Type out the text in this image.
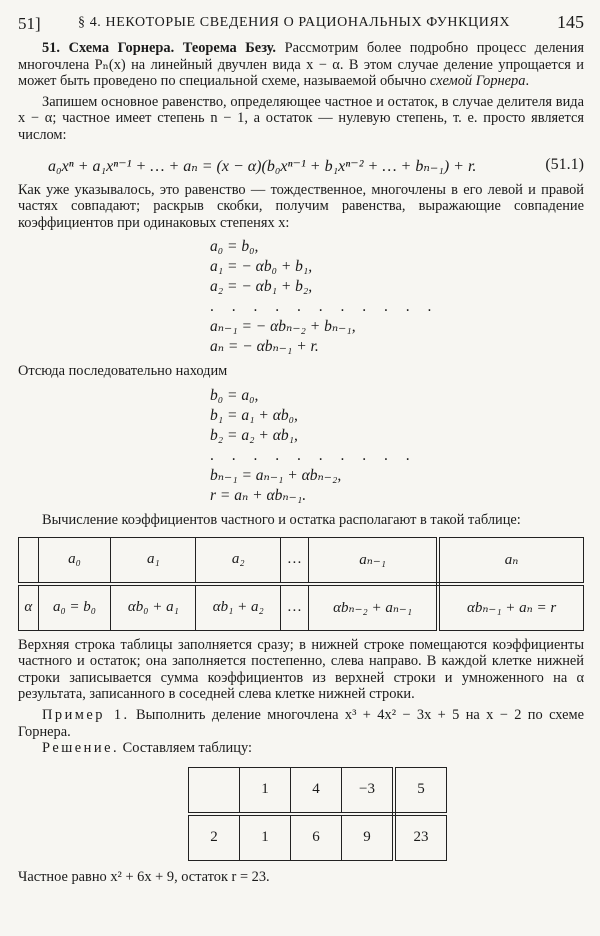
51]	§ 4. НЕКОТОРЫЕ СВЕДЕНИЯ О РАЦИОНАЛЬНЫХ ФУНКЦИЯХ	145

51. Схема Горнера. Теорема Безу. Рассмотрим более подробно процесс деления многочлена Pₙ(x) на линейный двучлен вида x − α. В этом случае деление упрощается и может быть проведено по специальной схеме, называемой обычно схемой Горнера.

Запишем основное равенство, определяющее частное и остаток, в случае делителя вида x − α; частное имеет степень n − 1, а остаток — нулевую степень, т. е. просто является числом:

a₀xⁿ + a₁xⁿ⁻¹ + … + aₙ = (x − α)(b₀xⁿ⁻¹ + b₁xⁿ⁻² + … + bₙ₋₁) + r.	(51.1)

Как уже указывалось, это равенство — тождественное, многочлены в его левой и правой частях совпадают; раскрыв скобки, получим равенства, выражающие совпадение коэффициентов при одинаковых степенях x:

a₀ = b₀,
a₁ = − αb₀ + b₁,
a₂ = − αb₁ + b₂,
. . . . . . . . . . .
aₙ₋₁ = − αbₙ₋₂ + bₙ₋₁,
aₙ = − αbₙ₋₁ + r.

Отсюда последовательно находим

b₀ = a₀,
b₁ = a₁ + αb₀,
b₂ = a₂ + αb₁,
. . . . . . . . . .
bₙ₋₁ = aₙ₋₁ + αbₙ₋₂,
r = aₙ + αbₙ₋₁.

Вычисление коэффициентов частного и остатка располагают в такой таблице:

	a₀	a₁	a₂	…	aₙ₋₁	aₙ
α	a₀ = b₀	αb₀ + a₁	αb₁ + a₂	…	αbₙ₋₂ + aₙ₋₁	αbₙ₋₁ + aₙ = r

Верхняя строка таблицы заполняется сразу; в нижней строке помещаются коэффициенты частного и остаток; она заполняется постепенно, слева направо. В каждой клетке нижней строки записывается сумма коэффициентов из верхней строки и умноженного на α результата, записанного в соседней слева клетке нижней строки.

Пример 1. Выполнить деление многочлена x³ + 4x² − 3x + 5 на x − 2 по схеме Горнера.

Решение. Составляем таблицу:

	1	4	−3	5
2	1	6	9	23

Частное равно x² + 6x + 9, остаток r = 23.
